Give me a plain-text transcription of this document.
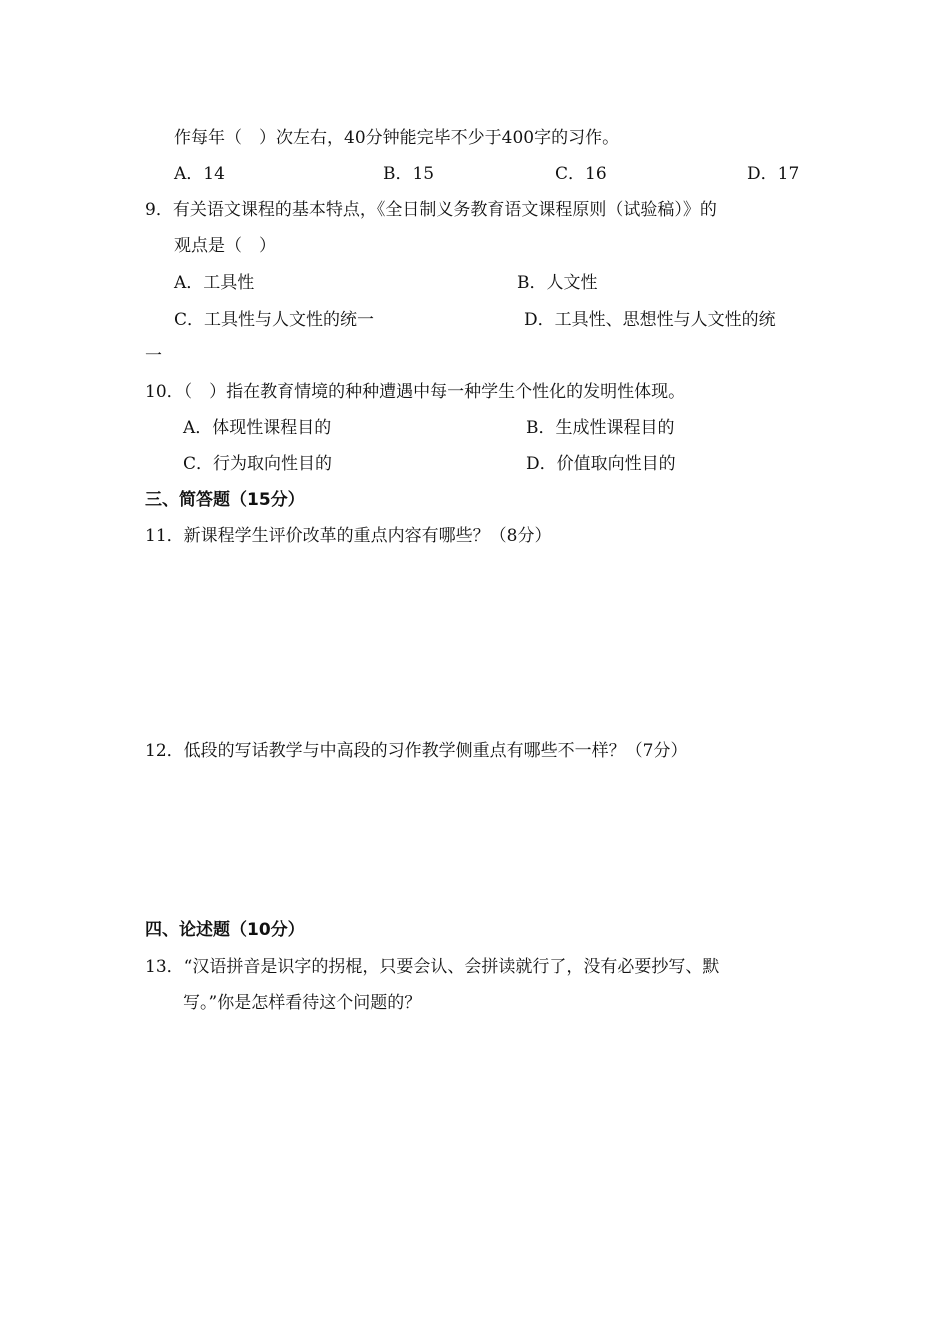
作每年（　）次左右，40分钟能完毕不少于400字的习作。
A．14	B．15	C．16	D．17
9．有关语文课程的基本特点，《全日制义务教育语文课程原则（试验稿）》的
观点是（　）
A．工具性	B．人文性
C．工具性与人文性的统一	D．工具性、思想性与人文性的统
一
10．（　）指在教育情境的种种遭遇中每一种学生个性化的发明性体现。
A．体现性课程目的	B．生成性课程目的
C．行为取向性目的	D．价值取向性目的
三、简答题（15分）
11．新课程学生评价改革的重点内容有哪些？（8分）
12．低段的写话教学与中高段的习作教学侧重点有哪些不一样？（7分）
四、论述题（10分）
13．“汉语拼音是识字的拐棍，只要会认、会拼读就行了，没有必要抄写、默
写。”你是怎样看待这个问题的？
